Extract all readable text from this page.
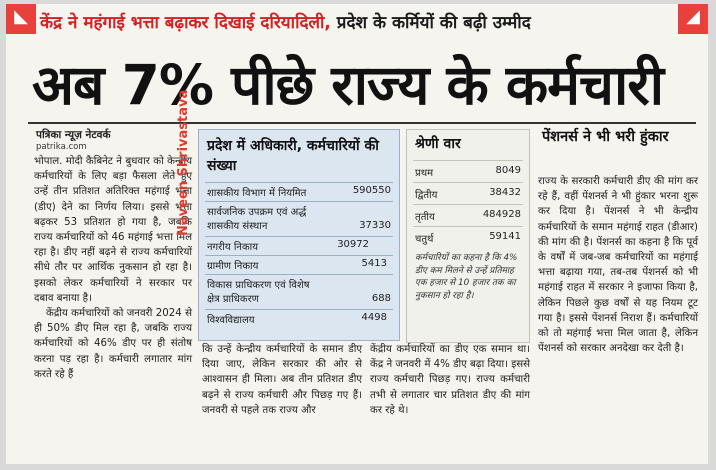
◣	◢
केंद्र ने महंगाई भत्ता बढ़ाकर दिखाई दरियादिली, प्रदेश के कर्मियों की बढ़ी उम्मीद
अब 7% पीछे राज्य के कर्मचारी
पत्रिका न्यूज़ नेटवर्क
patrika.com

भोपाल. मोदी कैबिनेट ने बुधवार को केन्द्रीय कर्मचारियों के लिए बड़ा फैसला लेते हुए उन्हें तीन प्रतिशत अतिरिक्त महंगाई भत्ता (डीए) देने का निर्णय लिया। इससे भत्ता बढ़कर 53 प्रतिशत हो गया है, जबकि राज्य कर्मचारियों को 46 महंगाई भत्ता मिल रहा है। डीए नहीं बढ़ने से राज्य कर्मचारियों सीधे तौर पर आर्थिक नुकसान हो रहा है। इसको लेकर कर्मचारियों ने सरकार पर दबाव बनाया है।

केंद्रीय कर्मचारियों को जनवरी 2024 से ही 50% डीए मिल रहा है, जबकि राज्य कर्मचारियों को 46% डीए पर ही संतोष करना पड़ रहा है। कर्मचारी लगातार मांग करते रहे हैं

Naveen Shrivastava प्रदेश में अधिकारी, कर्मचारियों की संख्या
शासकीय विभाग में नियमित	590550
सार्वजनिक उपक्रम एवं अर्द्ध शासकीय संस्थान	37330
नगरीय निकाय	30972
ग्रामीण निकाय	5413
विकास प्राधिकरण एवं विशेष क्षेत्र प्राधिकरण	688
विश्वविद्यालय	4498
श्रेणी वार
प्रथम	8049
द्वितीय	38432
तृतीय	484928
चतुर्थ	59141
कर्मचारियों का कहना है कि 4% डीए कम मिलने से उन्हें प्रतिमाह एक हजार से 10 हजार तक का नुकसान हो रहा है।

कि उन्हें केन्द्रीय कर्मचारियों के समान डीए दिया जाए, लेकिन सरकार की ओर से आश्वासन ही मिला। अब तीन प्रतिशत डीए बढ़ने से राज्य कर्मचारी और पिछड़ गए हैं। जनवरी से पहले तक राज्य और

केंद्रीय कर्मचारियों का डीए एक समान था। केंद्र ने जनवरी में 4% डीए बढ़ा दिया। इससे राज्य कर्मचारी पिछड़ गए। राज्य कर्मचारी तभी से लगातार चार प्रतिशत डीए की मांग कर रहे थे।

पेंशनर्स ने भी भरी हुंकार

राज्य के सरकारी कर्मचारी डीए की मांग कर रहे हैं, वहीं पेंशनर्स ने भी हुंकार भरना शुरू कर दिया है। पेंशनर्स ने भी केन्द्रीय कर्मचारियों के समान महंगाई राहत (डीआर) की मांग की है। पेंशनर्स का कहना है कि पूर्व के वर्षों में जब-जब कर्मचारियों का महंगाई भत्ता बढ़ाया गया, तब-तब पेंशनर्स को भी महंगाई राहत में सरकार ने इजाफा किया है, लेकिन पिछले कुछ वर्षों से यह नियम टूट गया है। इससे पेंशनर्स निराश हैं। कर्मचारियों को तो महंगाई भत्ता मिल जाता है, लेकिन पेंशनर्स को सरकार अनदेखा कर देती है।
